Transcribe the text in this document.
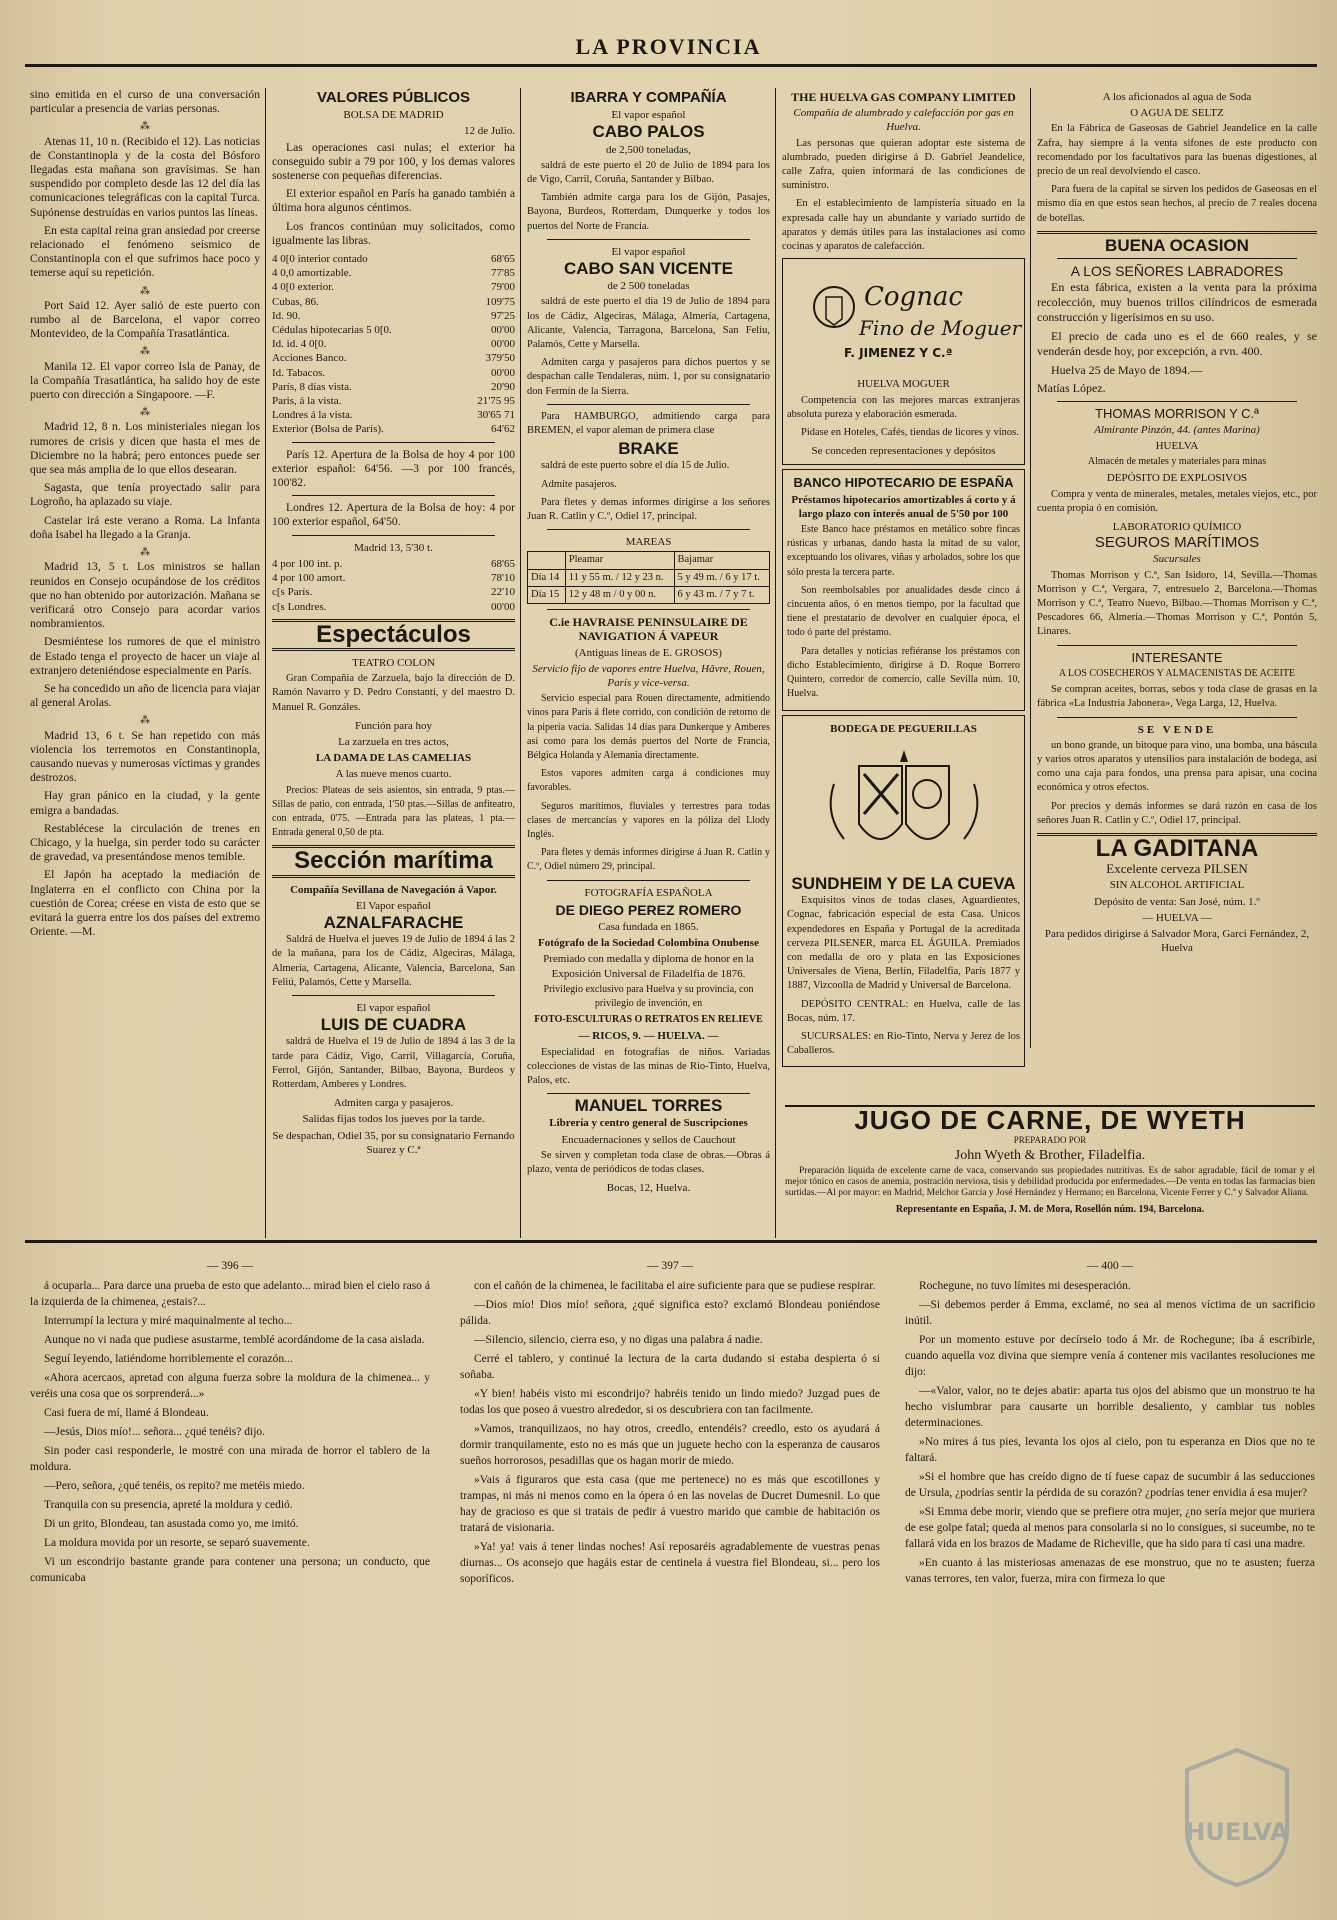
LA PROVINCIA

sino emitida en el curso de una conversación particular a presencia de varias personas.

⁂

Atenas 11, 10 n. (Recibido el 12). Las noticias de Constantinopla y de la costa del Bósforo llegadas esta mañana son gravísimas. Se han suspendido por completo desde las 12 del día las comunicaciones telegráficas con la capital Turca. Supónense destruídas en varios puntos las líneas.

En esta capital reina gran ansiedad por creerse relacionado el fenómeno seísmico de Constantinopla con el que sufrimos hace poco y temerse aquí su repetición.

⁂

Port Said 12. Ayer salió de este puerto con rumbo al de Barcelona, el vapor correo Montevideo, de la Compañía Trasatlántica.

⁂

Manila 12. El vapor correo Isla de Panay, de la Compañía Trasatlántica, ha salido hoy de este puerto con dirección a Singapoore. —F.

⁂

Madrid 12, 8 n. Los ministeriales niegan los rumores de crisis y dicen que hasta el mes de Diciembre no la habrá; pero entonces puede ser que sea más amplia de lo que ellos desearan.

Sagasta, que tenía proyectado salir para Logroño, ha aplazado su viaje.

Castelar irá este verano a Roma. La Infanta doña Isabel ha llegado a la Granja.

⁂

Madrid 13, 5 t. Los ministros se hallan reunidos en Consejo ocupándose de los créditos que no han obtenido por autorización. Mañana se verificará otro Consejo para acordar varios nombramientos.

Desmiéntese los rumores de que el ministro de Estado tenga el proyecto de hacer un viaje al extranjero deteniéndose especialmente en París.

Se ha concedido un año de licencia para viajar al general Arolas.

⁂

Madrid 13, 6 t. Se han repetido con más violencia los terremotos en Constantinopla, causando nuevas y numerosas víctimas y grandes destrozos.

Hay gran pánico en la ciudad, y la gente emigra a bandadas.

Restablécese la circulación de trenes en Chicago, y la huelga, sin perder todo su carácter de gravedad, va presentándose menos temible.

El Japón ha aceptado la mediación de Inglaterra en el conflicto con China por la cuestión de Corea; créese en vista de esto que se evitará la guerra entre los dos países del extremo Oriente. —M.

VALORES PÚBLICOS
BOLSA DE MADRID
12 de Julio.

Las operaciones casi nulas; el exterior ha conseguido subir a 79 por 100, y los demas valores sostenerse con pequeñas diferencias.

El exterior español en París ha ganado también a última hora algunos céntimos.

Los francos continúan muy solicitados, como igualmente las libras.

4 0[0 interior contado	68'65
4 0,0 amortizable.	77'85
4 0[0 exterior.	79'00
Cubas, 86.	109'75
Id. 90.	97'25
Cédulas hipotecarias 5 0[0.	00'00
Id. id. 4 0[0.	00'00
Acciones Banco.	379'50
Id. Tabacos.	00'00
París, 8 días vista.	20'90
Paris, á la vista.	21'75 95
Londres á la vista.	30'65 71
Exterior (Bolsa de París).	64'62

París 12. Apertura de la Bolsa de hoy 4 por 100 exterior español: 64'56. —3 por 100 francés, 100'82.

Londres 12. Apertura de la Bolsa de hoy: 4 por 100 exterior español, 64'50.

Madrid 13, 5'30 t.
4 por 100 int. p.	68'65
4 por 100 amort.	78'10
c[s París.	22'10
c[s Londres.	00'00
Espectáculos
TEATRO COLON

Gran Compañía de Zarzuela, bajo la dirección de D. Ramón Navarro y D. Pedro Constantí, y del maestro D. Manuel R. Gonzáles.

Función para hoy
La zarzuela en tres actos,
LA DAMA DE LAS CAMELIAS
A las nueve menos cuarto.

Precios: Plateas de seis asientos, sin entrada, 9 ptas.—Sillas de patio, con entrada, 1'50 ptas.—Sillas de anfiteatro, con entrada, 0'75. —Entrada para las plateas, 1 pta.—Entrada general 0,50 de pta.

Sección marítima
Compañía Sevillana de Navegación á Vapor.
El Vapor español
AZNALFARACHE

Saldrá de Huelva el jueves 19 de Julio de 1894 á las 2 de la mañana, para los de Cádiz, Algeciras, Málaga, Almería, Cartagena, Alicante, Valencia, Barcelona, San Feliú, Palamós, Cette y Marsella.

El vapor español
LUIS DE CUADRA

saldrá de Huelva el 19 de Julio de 1894 á las 3 de la tarde para Cádiz, Vigo, Carril, Villagarcía, Coruña, Ferrol, Gijón, Santander, Bilbao, Bayona, Burdeos y Rotterdam, Amberes y Londres.

Admiten carga y pasajeros.
Salidas fijas todos los jueves por la tarde.
Se despachan, Odiel 35, por su consignatario Fernando Suarez y C.ª
IBARRA Y COMPAÑÍA
El vapor español
CABO PALOS
de 2,500 toneladas,

saldrá de este puerto el 20 de Julio de 1894 para los de Vigo, Carril, Coruña, Santander y Bilbao.

También admite carga para los de Gijón, Pasajes, Bayona, Burdeos, Rotterdam, Dunquerke y todos los puertos del Norte de Francia.

El vapor español
CABO SAN VICENTE
de 2 500 toneladas

saldrá de este puerto el día 19 de Julio de 1894 para los de Cádiz, Algeciras, Málaga, Almería, Cartagena, Alicante, Valencia, Tarragona, Barcelona, San Feliu, Palamós, Cette y Marsella.

Admiten carga y pasajeros para dichos puertos y se despachan calle Tendaleras, núm. 1, por su consignatario don Fermín de la Sierra.

Para HAMBURGO, admitiendo carga para BREMEN, el vapor aleman de primera clase

BRAKE

saldrá de este puerto sobre el día 15 de Julio.

Admite pasajeros.

Para fletes y demas informes dirigirse a los señores Juan R. Catlin y C.º, Odiel 17, principal.

MAREAS
	Pleamar	Bajamar
Día 14	11 y 55 m. / 12 y 23 n.	5 y 49 m. / 6 y 17 t.
Día 15	12 y 48 m / 0 y 00 n.	6 y 43 m. / 7 y 7 t.
C.ie HAVRAISE PENINSULAIRE DE NAVIGATION Á VAPEUR
(Antiguas líneas de E. GROSOS)
Servicio fijo de vapores entre Huelva, Hâvre, Rouen, París y vice-versa.

Servicio especial para Rouen directamente, admitiendo vinos para París á flete corrido, con condición de retorno de la pipería vacía. Salidas 14 días para Dunkerque y Amberes así como para los demás puertos del Norte de Francia, Bélgica Holanda y Alemania directamente.

Estos vapores admiten carga á condiciones muy favorables.

Seguros marítimos, fluviales y terrestres para todas clases de mercancías y vapores en la póliza del Llody Inglés.

Para fletes y demás informes dirigirse á Juan R. Catlin y C.º, Odiel número 29, principal.

FOTOGRAFÍA ESPAÑOLA
DE DIEGO PEREZ ROMERO
Casa fundada en 1865.
Fotógrafo de la Sociedad Colombina Onubense
Premiado con medalla y diploma de honor en la Exposición Universal de Filadelfia de 1876.
Privilegio exclusivo para Huelva y su provincia, con privilegio de invención, en
FOTO-ESCULTURAS O RETRATOS EN RELIEVE
— RICOS, 9. — HUELVA. —

Especialidad en fotografías de niños. Variadas colecciones de vistas de las minas de Rio-Tinto, Huelva, Palos, etc.

MANUEL TORRES
Librería y centro general de Suscripciones
Encuadernaciones y sellos de Cauchout

Se sirven y completan toda clase de obras.—Obras á plazo, venta de periódicos de todas clases.

Bocas, 12, Huelva.
THE HUELVA GAS COMPANY LIMITED
Compañía de alumbrado y calefacción por gas en Huelva.

Las personas que quieran adoptar este sistema de alumbrado, pueden dirigirse á D. Gabriel Jeandelice, calle Zafra, quien informará de las condiciones de suministro.

En el establecimiento de lampistería situado en la expresada calle hay un abundante y variado surtido de aparatos y demás útiles para las instalaciones así como cocinas y aparatos de calefacción.

Cognac
Fino de Moguer
F. JIMENEZ Y C.ª
HUELVA MOGUER

Competencia con las mejores marcas extranjeras absoluta pureza y elaboración esmerada.

Pídase en Hoteles, Cafés, tiendas de licores y vinos.

Se conceden representaciones y depósitos
BANCO HIPOTECARIO DE ESPAÑA
Préstamos hipotecarios amortizables á corto y á largo plazo con interés anual de 5'50 por 100

Este Banco hace préstamos en metálico sobre fincas rústicas y urbanas, dando hasta la mitad de su valor, exceptuando los olivares, viñas y arbolados, sobre los que sólo presta la tercera parte.

Son reembolsables por anualidades desde cinco á cincuenta años, ó en menos tiempo, por la facultad que tiene el prestatario de devolver en cualquier época, el todo ó parte del préstamo.

Para detalles y noticias refiéranse los préstamos con dicho Establecimiento, dirigirse á D. Roque Borrero Quintero, corredor de comercio, calle Sevilla núm. 10, Huelva.

BODEGA DE PEGUERILLAS
SUNDHEIM Y DE LA CUEVA

Exquisitos vinos de todas clases, Aguardientes, Cognac, fabricación especial de esta Casa. Unicos expendedores en España y Portugal de la acreditada cerveza PILSENER, marca EL ÁGUILA. Premiados con medalla de oro y plata en las Exposiciones Universales de Viena, Berlín, Filadelfia, París 1877 y 1887, Vizcoolla de Madrid y Universal de Barcelona.

DEPÓSITO CENTRAL: en Huelva, calle de las Bocas, núm. 17.

SUCURSALES: en Rio-Tinto, Nerva y Jerez de los Caballeros.

A los aficionados al agua de Soda
O AGUA DE SELTZ

En la Fábrica de Gaseosas de Gabriel Jeandelice en la calle Zafra, hay siempre á la venta sifones de este producto con recomendado por los facultativos para las buenas digestiones, al precio de un real devolviendo el casco.

Para fuera de la capital se sirven los pedidos de Gaseosas en el mismo día en que estos sean hechos, al precio de 7 reales docena de botellas.

BUENA OCASION
A LOS SEÑORES LABRADORES

En esta fábrica, existen a la venta para la próxima recolección, muy buenos trillos cilíndricos de esmerada construcción y ligerísimos en su uso.

El precio de cada uno es el de 660 reales, y se venderán desde hoy, por excepción, a rvn. 400.

Huelva 25 de Mayo de 1894.—

Matías López.
THOMAS MORRISON Y C.ª
Almirante Pinzón, 44. (antes Marina)
HUELVA
Almacén de metales y materiales para minas
DEPÓSITO DE EXPLOSIVOS

Compra y venta de minerales, metales, metales viejos, etc., por cuenta propia ó en comisión.

LABORATORIO QUÍMICO
SEGUROS MARÍTIMOS
Sucursales

Thomas Morrison y C.ª, San Isidoro, 14, Sevilla.—Thomas Morrison y C.ª, Vergara, 7, entresuelo 2, Barcelona.—Thomas Morrison y C.ª, Teatro Nuevo, Bilbao.—Thomas Morrison y C.ª, Pescadores 66, Almería.—Thomas Morrison y C.ª, Pontón 5, Linares.

INTERESANTE
A LOS COSECHEROS Y ALMACENISTAS DE ACEITE

Se compran aceites, borras, sebos y toda clase de grasas en la fábrica «La Industria Jabonera», Vega Larga, 12, Huelva.

SE VENDE

un bono grande, un bitoque para vino, una bomba, una báscula y varios otros aparatos y utensilios para instalación de bodega, así como una caja para fondos, una prensa para apisar, una cocina económica y otros efectos.

Por precios y demás informes se dará razón en casa de los señores Juan R. Catlin y C.º, Odiel 17, principal.

LA GADITANA
Excelente cerveza PILSEN
SIN ALCOHOL ARTIFICIAL
Depósito de venta: San José, núm. 1.º
— HUELVA —
Para pedidos dirigirse á Salvador Mora, Garci Fernández, 2, Huelva
JUGO DE CARNE, DE WYETH
PREPARADO POR
John Wyeth & Brother, Filadelfia.

Preparación líquida de excelente carne de vaca, conservando sus propiedades nutritivas. Es de sabor agradable, fácil de tomar y el mejor tónico en casos de anemia, postración nerviosa, tisis y debilidad producida por enfermedades.—De venta en todas las farmacias bien surtidas.—Al por mayor: en Madrid, Melchor Garcia y José Hernández y Hermano; en Barcelona, Vicente Ferrer y C.ª y Salvador Aliana.

Representante en España, J. M. de Mora, Rosellón núm. 194, Barcelona.
— 396 —

á ocuparla... Para darce una prueba de esto que adelanto... mirad bien el cielo raso á la izquierda de la chimenea, ¿estais?...

Interrumpí la lectura y miré maquinalmente al techo...

Aunque no vi nada que pudiese asustarme, temblé acordándome de la casa aislada.

Seguí leyendo, latiéndome horriblemente el corazón...

«Ahora acercaos, apretad con alguna fuerza sobre la moldura de la chimenea... y veréis una cosa que os sorprenderá...»

Casi fuera de mí, llamé á Blondeau.

—Jesús, Dios mío!... señora... ¿qué tenéis? dijo.

Sin poder casi responderle, le mostré con una mirada de horror el tablero de la moldura.

—Pero, señora, ¿qué tenéis, os repito? me metéis miedo.

Tranquila con su presencia, apreté la moldura y cedió.

Di un grito, Blondeau, tan asustada como yo, me imitó.

La moldura movida por un resorte, se separó suavemente.

Vi un escondrijo bastante grande para contener una persona; un conducto, que comunicaba

— 397 —

con el cañón de la chimenea, le facilitaba el aire suficiente para que se pudiese respirar.

—Dios mío! Dios mío! señora, ¿qué significa esto? exclamó Blondeau poniéndose pálida.

—Silencio, silencio, cierra eso, y no digas una palabra á nadie.

Cerré el tablero, y continué la lectura de la carta dudando si estaba despierta ó si soñaba.

«Y bien! habéis visto mi escondrijo? habréis tenido un lindo miedo? Juzgad pues de todas los que poseo á vuestro alrededor, si os descubriera con tan facilmente.

»Vamos, tranquilizaos, no hay otros, creedlo, entendéis? creedlo, esto os ayudará á dormir tranquilamente, esto no es más que un juguete hecho con la esperanza de causaros sueños horrorosos, pesadillas que os hagan morir de miedo.

»Vais á figuraros que esta casa (que me pertenece) no es más que escotillones y trampas, ni más ni menos como en la ópera ó en las novelas de Ducret Dumesnil. Lo que hay de gracioso es que si tratais de pedir á vuestro marido que cambie de habitación os tratará de visionaria.

»Ya! ya! vais á tener lindas noches! Así reposaréis agradablemente de vuestras penas diurnas... Os aconsejo que hagáis estar de centinela á vuestra fiel Blondeau, si... pero los soporíficos.

— 400 —

Rochegune, no tuvo límites mi desesperación.

—Si debemos perder á Emma, exclamé, no sea al menos víctima de un sacrificio inútil.

Por un momento estuve por decírselo todo á Mr. de Rochegune; iba á escribirle, cuando aquella voz divina que siempre venía á contener mis vacilantes resoluciones me dijo:

—«Valor, valor, no te dejes abatir: aparta tus ojos del abismo que un monstruo te ha hecho vislumbrar para causarte un horrible desaliento, y cambiar tus nobles determinaciones.

»No mires á tus pies, levanta los ojos al cielo, pon tu esperanza en Dios que no te faltará.

»Si el hombre que has creído digno de tí fuese capaz de sucumbir á las seducciones de Ursula, ¿podrías sentir la pérdida de su corazón? ¿podrías tener envidia á esa mujer?

»Si Emma debe morir, viendo que se prefiere otra mujer, ¿no sería mejor que muriera de ese golpe fatal; queda al menos para consolarla si no lo consigues, si suceumbe, no te fallará vida en los brazos de Madame de Richeville, que ha sido para tí casi una madre.

»En cuanto á las misteriosas amenazas de ese monstruo, que no te asusten; fuerza vanas terrores, ten valor, fuerza, mira con firmeza lo que

HUELVA
